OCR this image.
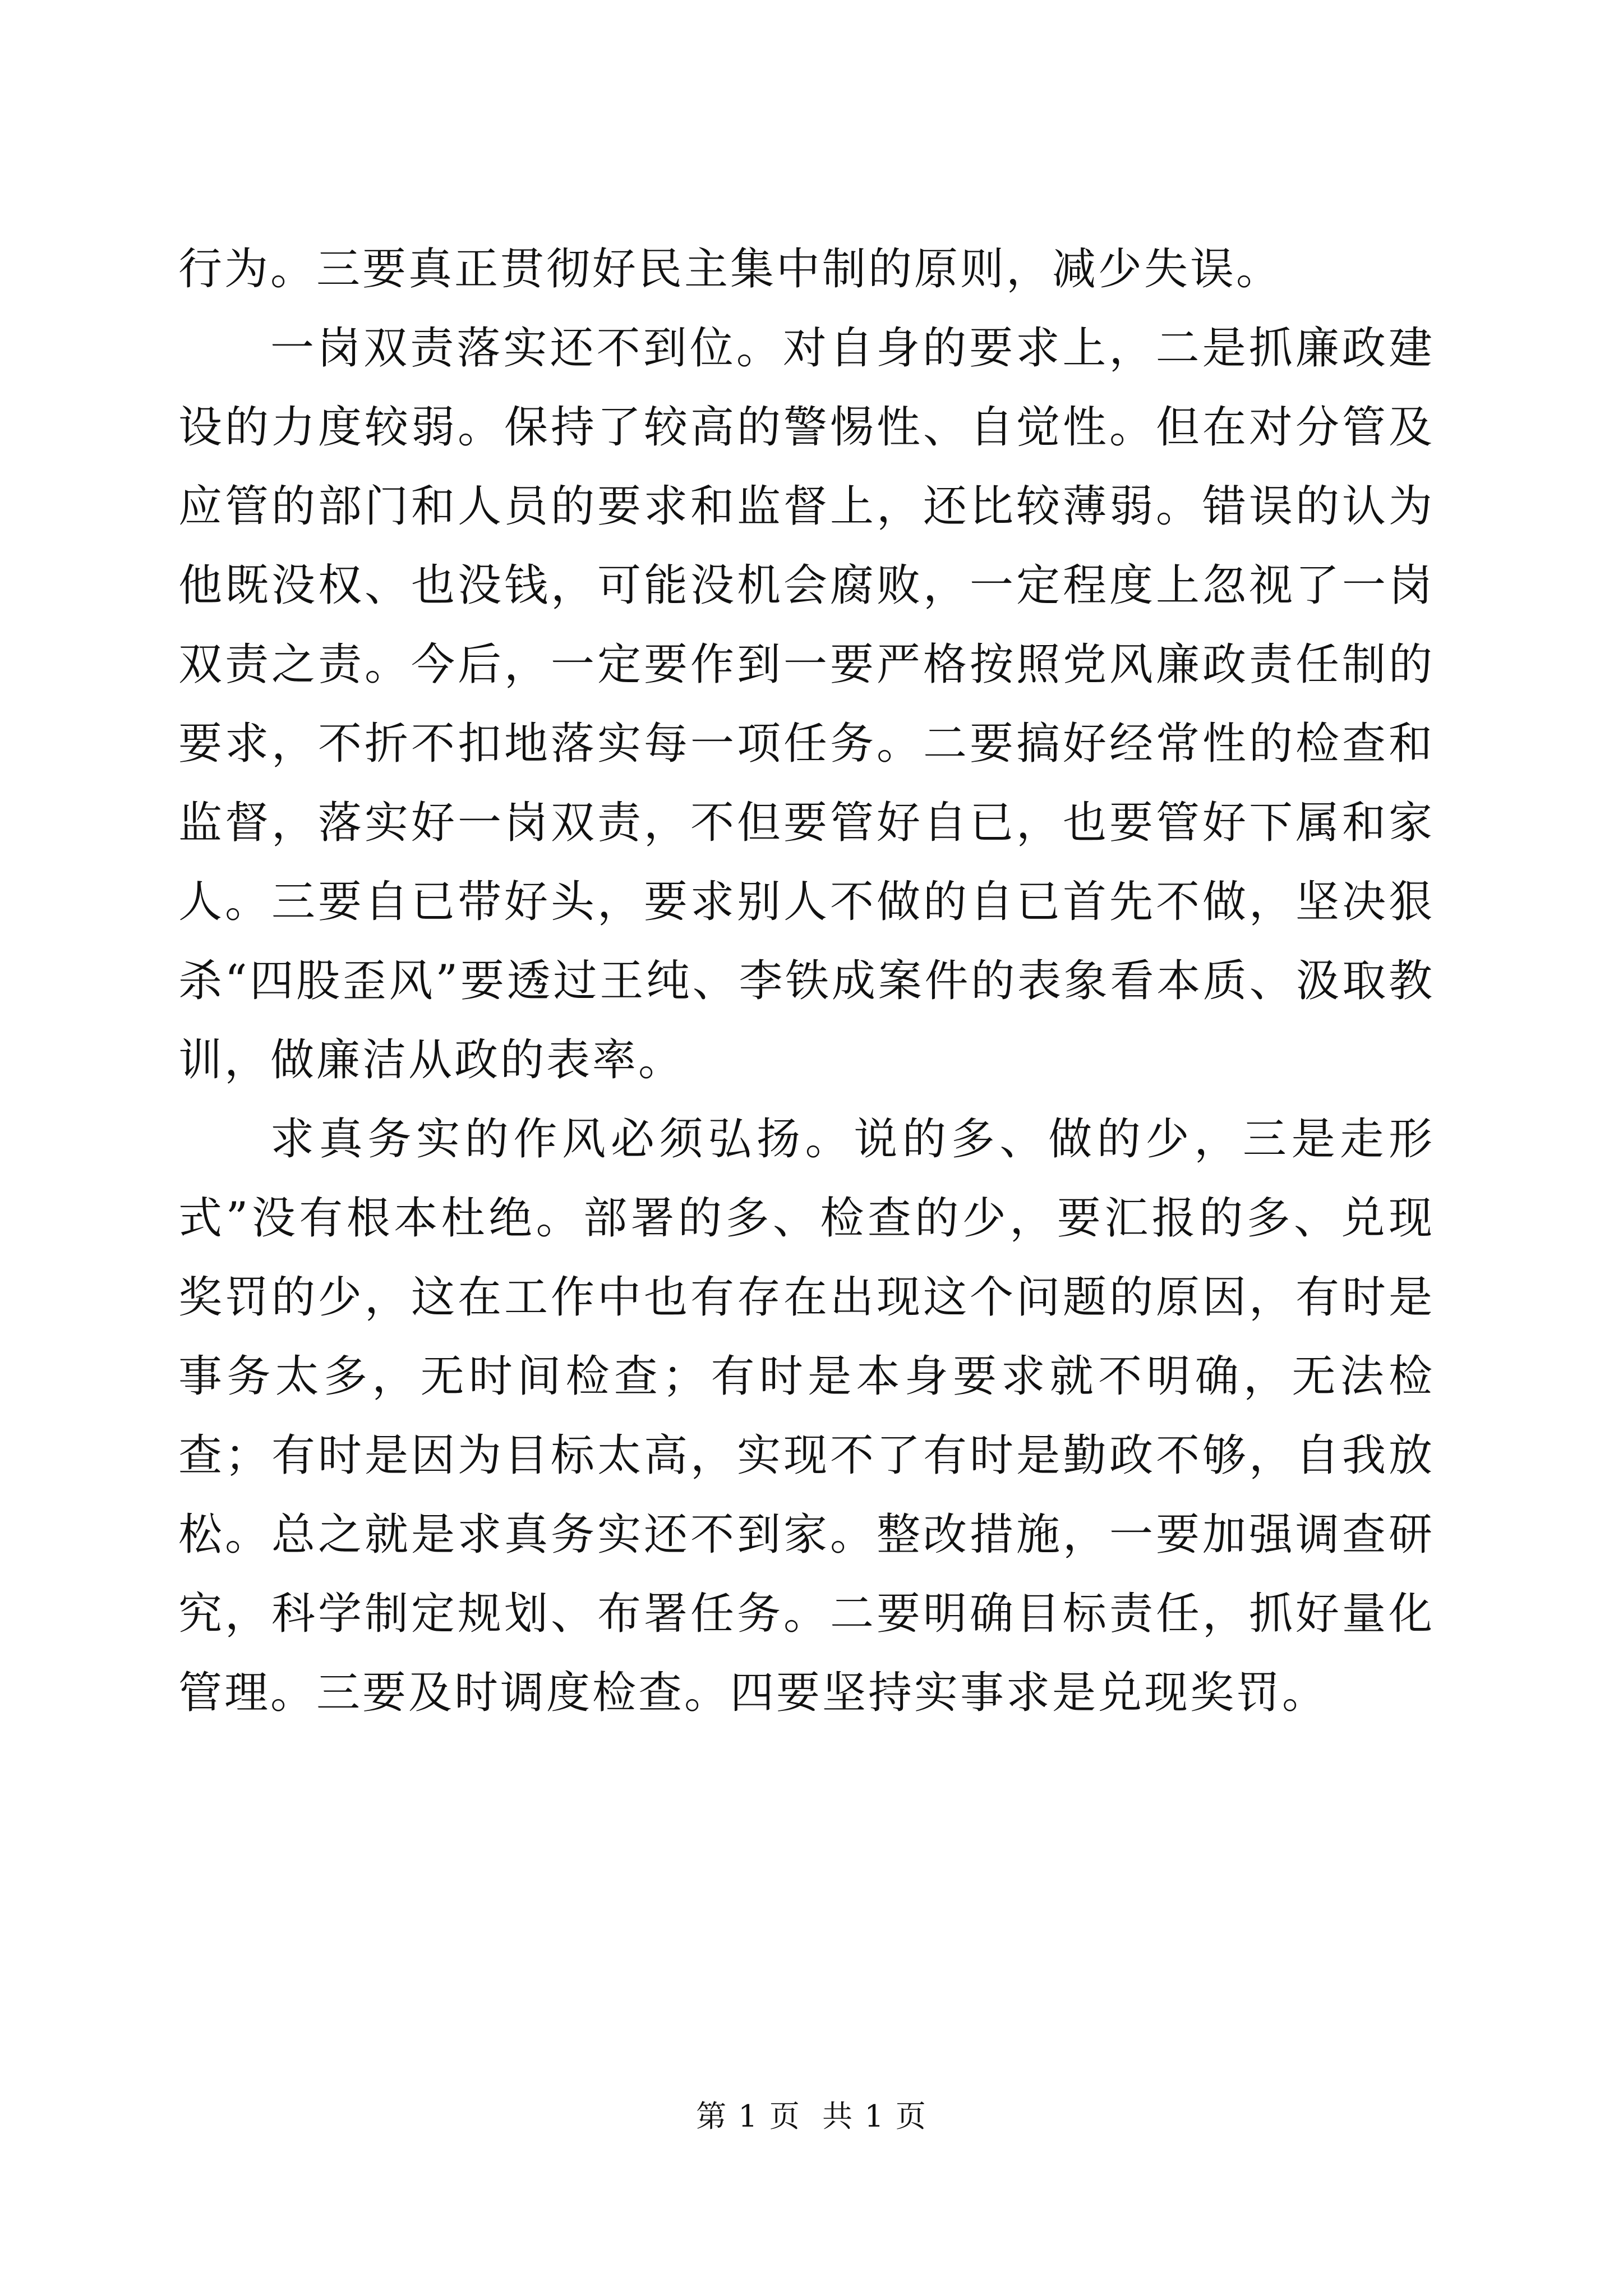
行为。三要真正贯彻好民主集中制的原则，减少失误。

一岗双责落实还不到位。对自身的要求上，二是抓廉政建设的力度较弱。保持了较高的警惕性、自觉性。但在对分管及应管的部门和人员的要求和监督上，还比较薄弱。错误的认为他既没权、也没钱，可能没机会腐败，一定程度上忽视了一岗双责之责。今后，一定要作到一要严格按照党风廉政责任制的要求，不折不扣地落实每一项任务。二要搞好经常性的检查和监督，落实好一岗双责，不但要管好自已，也要管好下属和家人。三要自已带好头，要求别人不做的自已首先不做，坚决狠杀“四股歪风”要透过王纯、李铁成案件的表象看本质、汲取教训，做廉洁从政的表率。

求真务实的作风必须弘扬。说的多、做的少，三是走形式”没有根本杜绝。部署的多、检查的少，要汇报的多、兑现奖罚的少，这在工作中也有存在出现这个问题的原因，有时是事务太多，无时间检查；有时是本身要求就不明确，无法检查；有时是因为目标太高，实现不了有时是勤政不够，自我放松。总之就是求真务实还不到家。整改措施，一要加强调查研究，科学制定规划、布署任务。二要明确目标责任，抓好量化管理。三要及时调度检查。四要坚持实事求是兑现奖罚。

第 1 页  共 1 页
